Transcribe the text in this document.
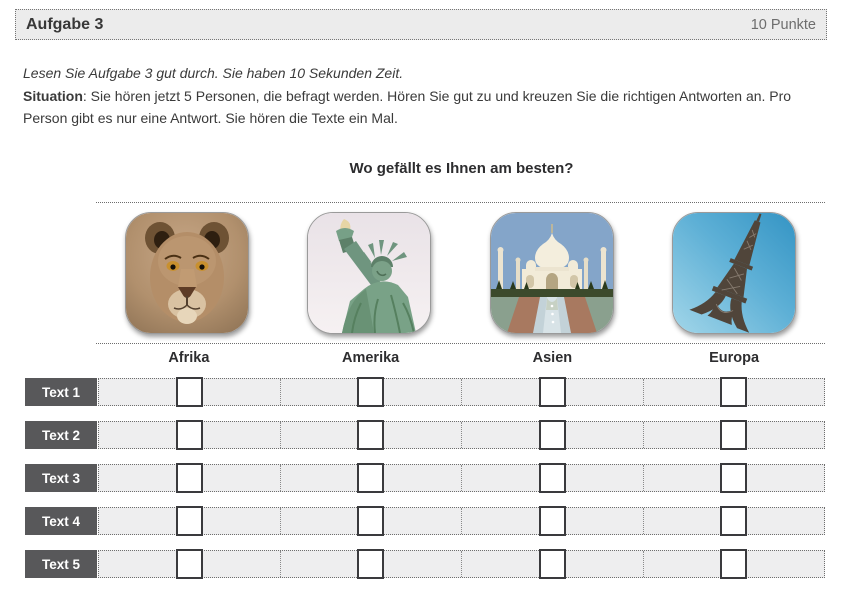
Aufgabe 3	10 Punkte

Lesen Sie Aufgabe 3 gut durch. Sie haben 10 Sekunden Zeit.

Situation: Sie hören jetzt 5 Personen, die befragt werden. Hören Sie gut zu und kreuzen Sie die richtigen Antworten an. Pro Person gibt es nur eine Antwort. Sie hören die Texte ein Mal.

Wo gefällt es Ihnen am besten?
Afrika	Amerika	Asien	Europa
Text 1
Text 2
Text 3
Text 4
Text 5
